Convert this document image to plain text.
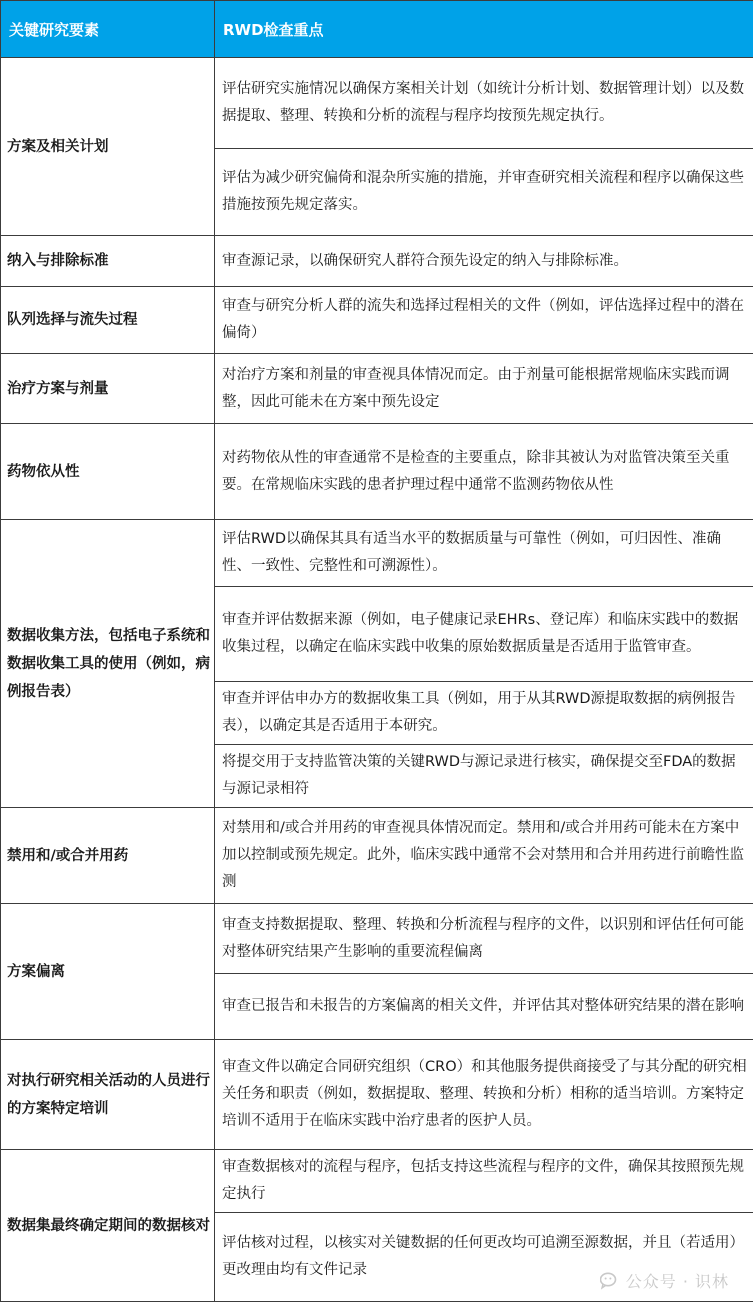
关键研究要素	RWD检查重点
方案及相关计划	评估研究实施情况以确保方案相关计划（如统计分析计划、数据管理计划）以及数据提取、整理、转换和分析的流程与程序均按预先规定执行。
	评估为减少研究偏倚和混杂所实施的措施，并审查研究相关流程和程序以确保这些措施按预先规定落实。
纳入与排除标准	审查源记录，以确保研究人群符合预先设定的纳入与排除标准。
队列选择与流失过程	审查与研究分析人群的流失和选择过程相关的文件（例如，评估选择过程中的潜在偏倚）
治疗方案与剂量	对治疗方案和剂量的审查视具体情况而定。由于剂量可能根据常规临床实践而调整，因此可能未在方案中预先设定
药物依从性	对药物依从性的审查通常不是检查的主要重点，除非其被认为对监管决策至关重要。在常规临床实践的患者护理过程中通常不监测药物依从性
数据收集方法，包括电子系统和数据收集工具的使用（例如，病例报告表）	评估RWD以确保其具有适当水平的数据质量与可靠性（例如，可归因性、准确性、一致性、完整性和可溯源性）。
	审查并评估数据来源（例如，电子健康记录EHRs、登记库）和临床实践中的数据收集过程，以确定在临床实践中收集的原始数据质量是否适用于监管审查。
	审查并评估申办方的数据收集工具（例如，用于从其RWD源提取数据的病例报告表），以确定其是否适用于本研究。
	将提交用于支持监管决策的关键RWD与源记录进行核实，确保提交至FDA的数据与源记录相符
禁用和/或合并用药	对禁用和/或合并用药的审查视具体情况而定。禁用和/或合并用药可能未在方案中加以控制或预先规定。此外，临床实践中通常不会对禁用和合并用药进行前瞻性监测
方案偏离	审查支持数据提取、整理、转换和分析流程与程序的文件，以识别和评估任何可能对整体研究结果产生影响的重要流程偏离
	审查已报告和未报告的方案偏离的相关文件，并评估其对整体研究结果的潜在影响
对执行研究相关活动的人员进行的方案特定培训	审查文件以确定合同研究组织（CRO）和其他服务提供商接受了与其分配的研究相关任务和职责（例如，数据提取、整理、转换和分析）相称的适当培训。方案特定培训不适用于在临床实践中治疗患者的医护人员。
数据集最终确定期间的数据核对	审查数据核对的流程与程序，包括支持这些流程与程序的文件，确保其按照预先规定执行
	评估核对过程，以核实对关键数据的任何更改均可追溯至源数据，并且（若适用）更改理由均有文件记录
公众号 · 识林
